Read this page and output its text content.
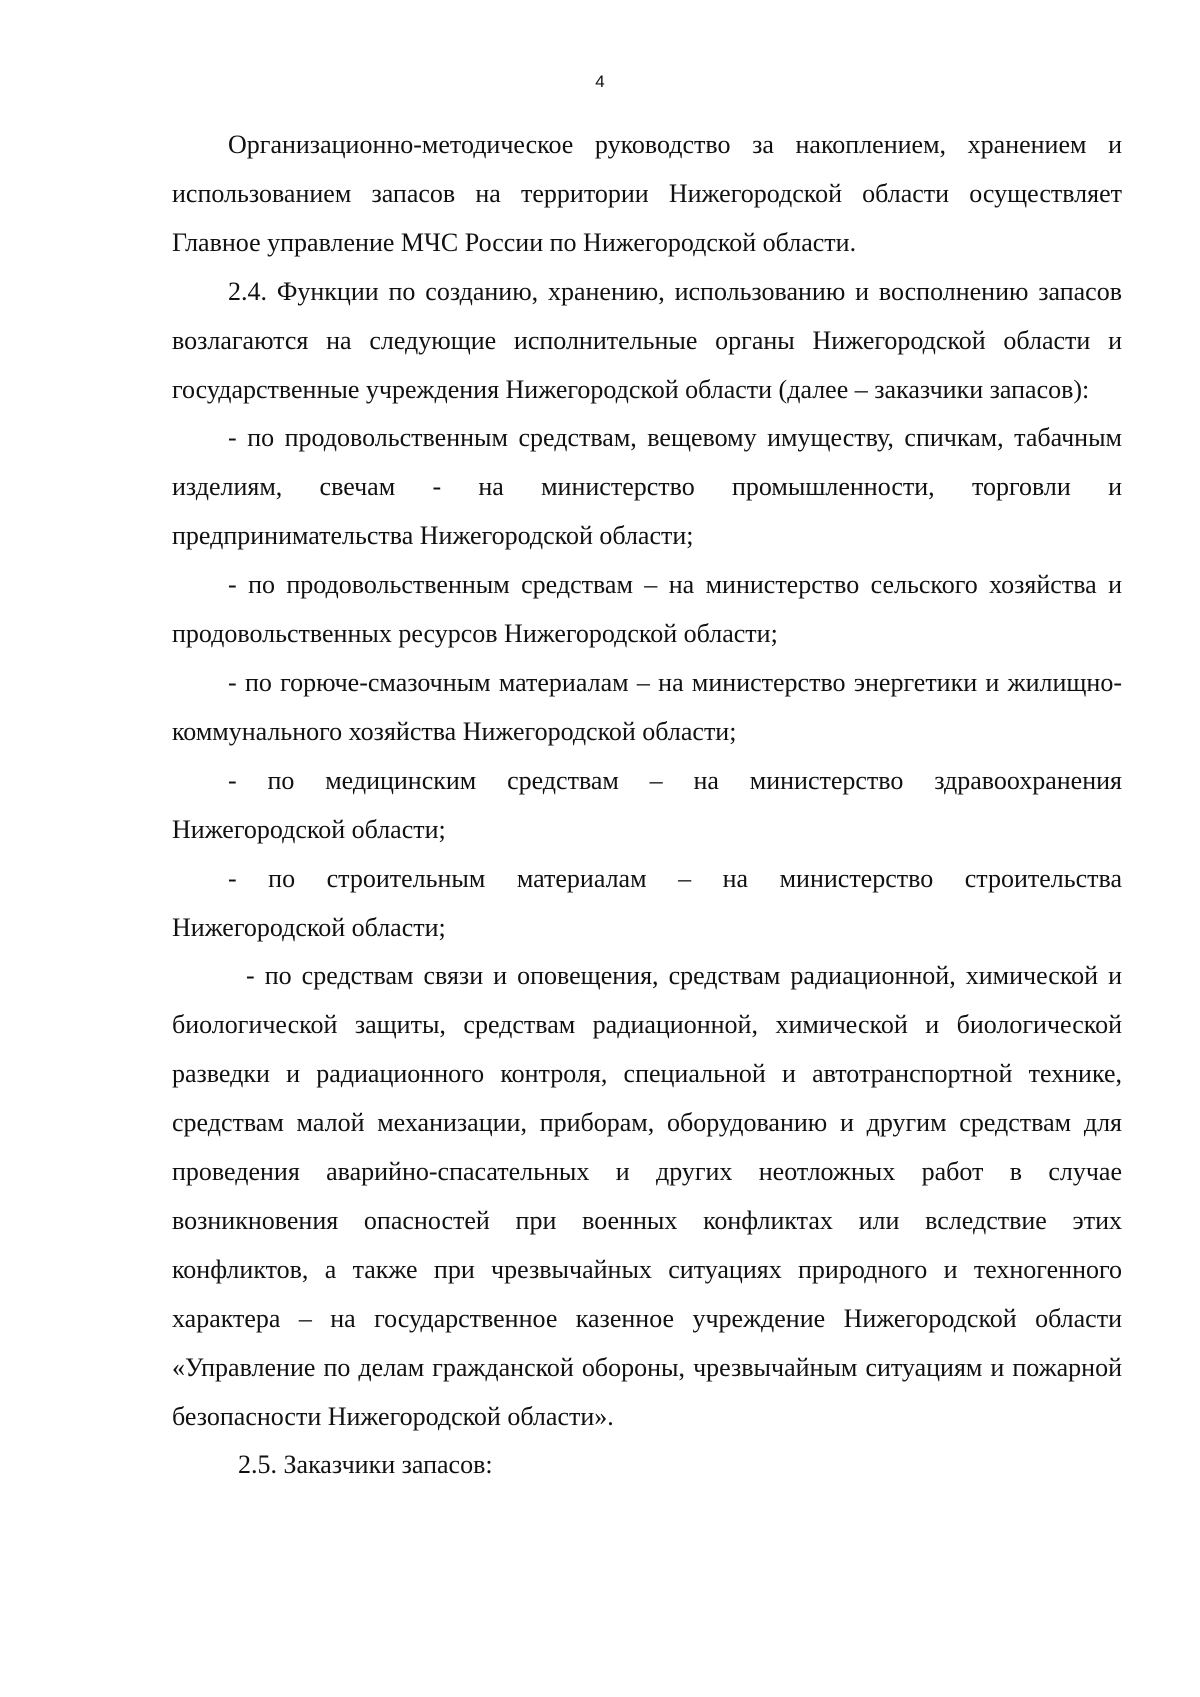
4

Организационно-методическое руководство за накоплением, хранением и использованием запасов на территории Нижегородской области осуществляет Главное управление МЧС России по Нижегородской области.

2.4. Функции по созданию, хранению, использованию и восполнению запасов возлагаются на следующие исполнительные органы Нижегородской области и государственные учреждения Нижегородской области (далее – заказчики запасов):

- по продовольственным средствам, вещевому имуществу, спичкам, табачным изделиям, свечам - на министерство промышленности, торговли и предпринимательства Нижегородской области;

- по продовольственным средствам – на министерство сельского хозяйства и продовольственных ресурсов Нижегородской области;

- по горюче-смазочным материалам – на министерство энергетики и жилищно-коммунального хозяйства Нижегородской области;

- по медицинским средствам – на министерство здравоохранения Нижегородской области;

- по строительным материалам – на министерство строительства Нижегородской области;

- по средствам связи и оповещения, средствам радиационной, химической и биологической защиты, средствам радиационной, химической и биологической разведки и радиационного контроля, специальной и автотранспортной технике, средствам малой механизации, приборам, оборудованию и другим средствам для проведения аварийно-спасательных и других неотложных работ в случае возникновения опасностей при военных конфликтах или вследствие этих конфликтов, а также при чрезвычайных ситуациях природного и техногенного характера – на государственное казенное учреждение Нижегородской области «Управление по делам гражданской обороны, чрезвычайным ситуациям и пожарной безопасности Нижегородской области».

2.5. Заказчики запасов:
